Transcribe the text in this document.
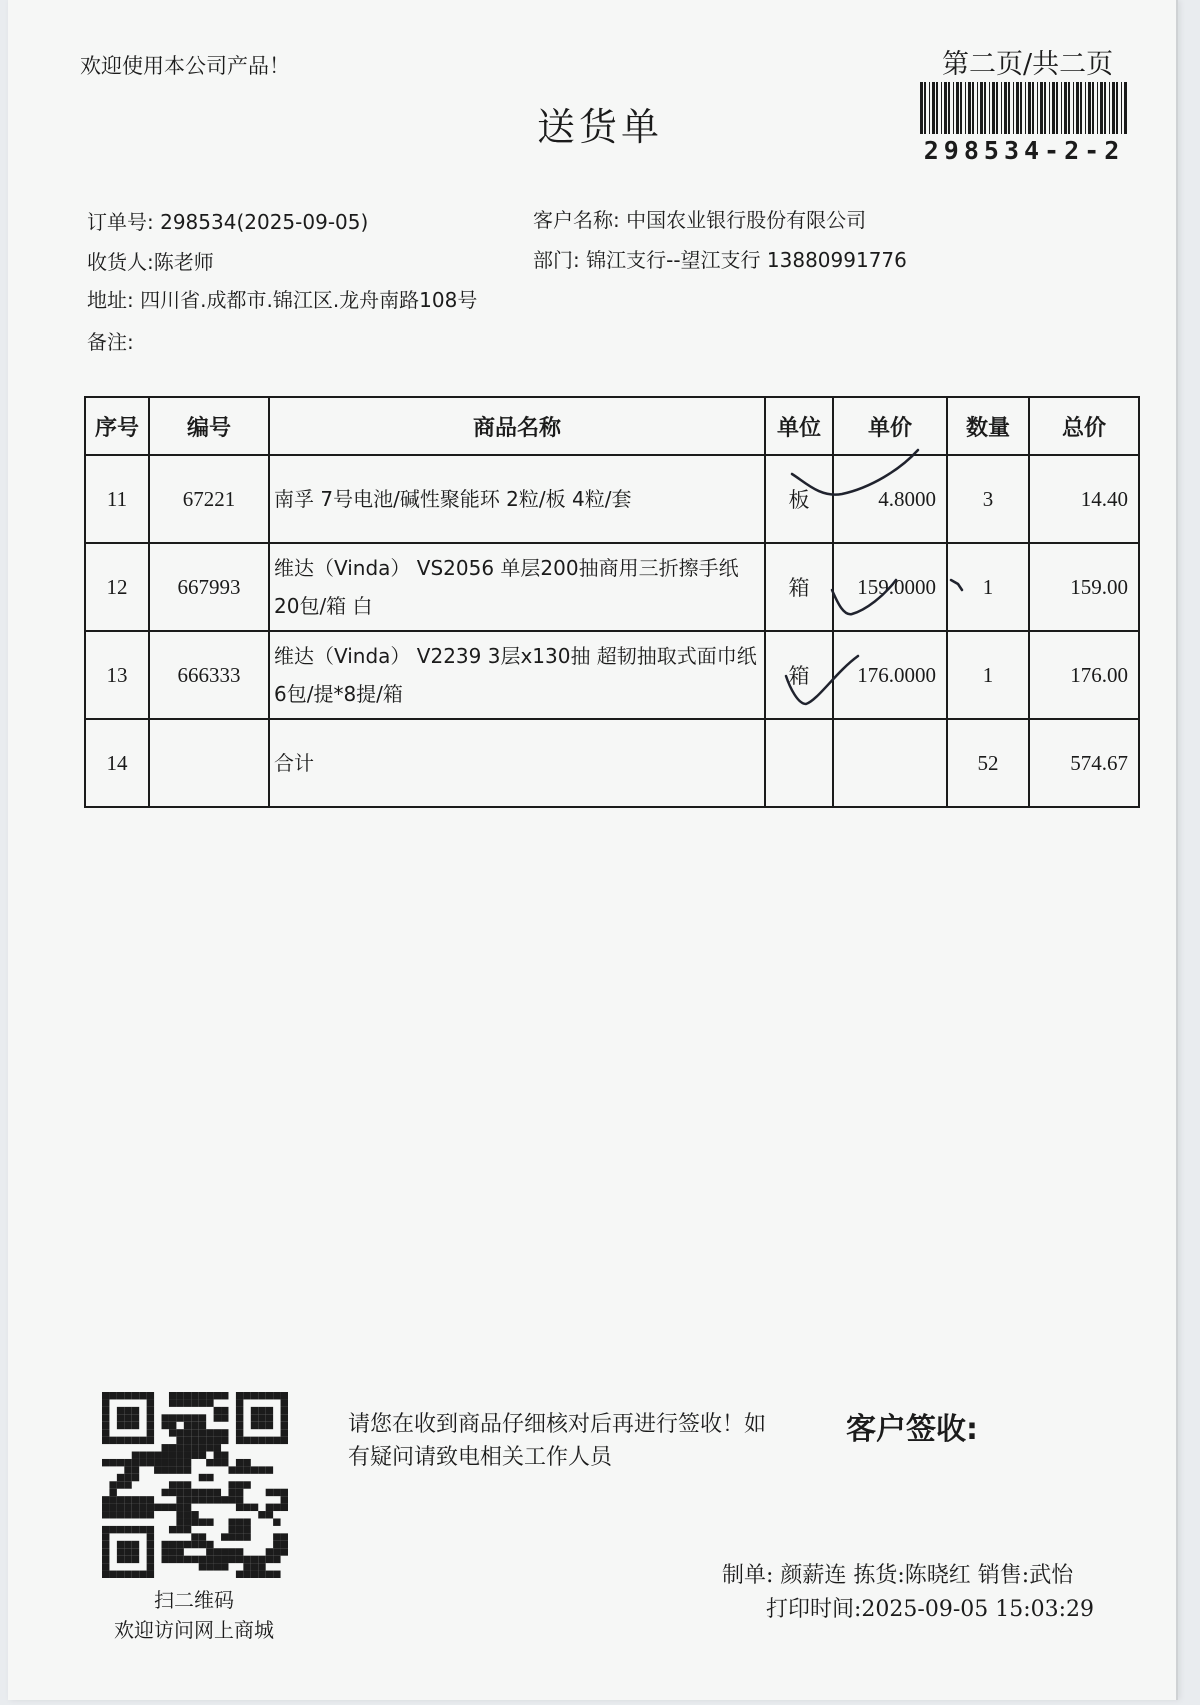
欢迎使用本公司产品！
送货单
第二页/共二页
298534-2-2
订单号: 298534(2025-09-05)
收货人:陈老师
地址: 四川省.成都市.锦江区.龙舟南路108号
备注:
客户名称: 中国农业银行股份有限公司
部门: 锦江支行--望江支行 13880991776
序号	编号	商品名称	单位	单价	数量	总价
11	67221	南孚 7号电池/碱性聚能环 2粒/板 4粒/套	板	4.8000	3	14.40
12	667993	维达（Vinda） VS2056 单层200抽商用三折擦手纸 20包/箱 白	箱	159.0000	1	159.00
13	666333	维达（Vinda） V2239 3层x130抽 超韧抽取式面巾纸 6包/提*8提/箱	箱	176.0000	1	176.00
14		合计			52	574.67
扫二维码
欢迎访问网上商城
请您在收到商品仔细核对后再进行签收！如有疑问请致电相关工作人员
客户签收:
制单: 颜薪连 拣货:陈晓红 销售:武怡
打印时间:2025-09-05 15:03:29
